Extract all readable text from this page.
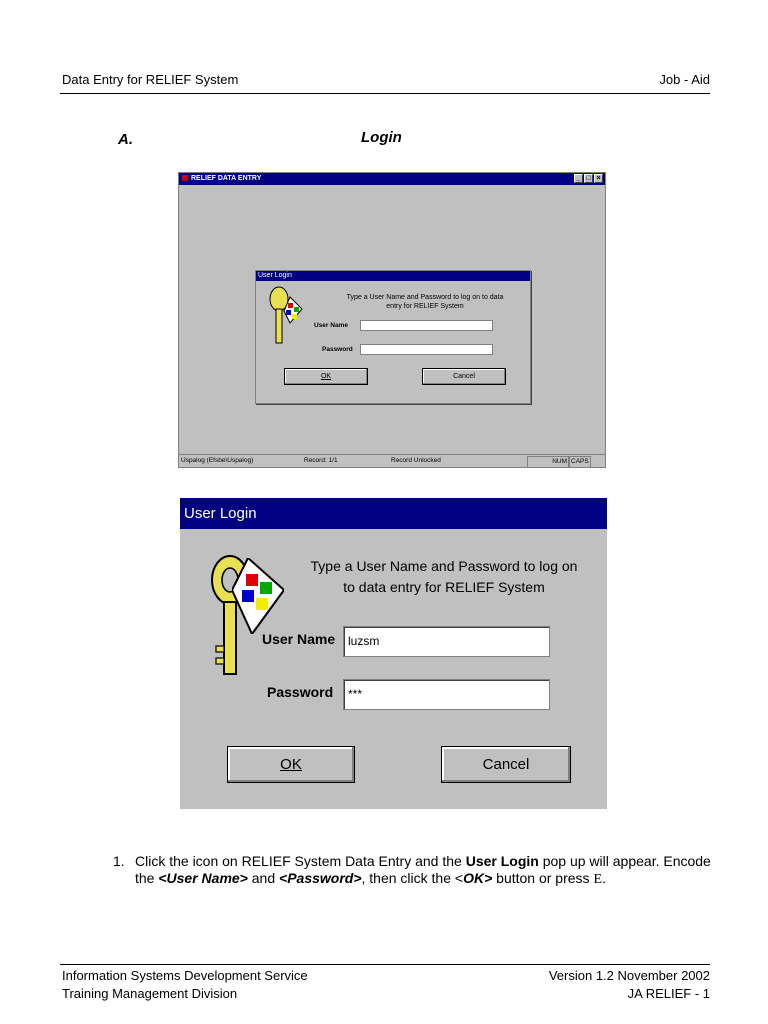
Data Entry for RELIEF System	Job - Aid
A.	Login
RELIEF DATA ENTRY	_ □ ×
User Login
Type a User Name and Password to log on to data entry for RELIEF System
User Name
Password
OK	Cancel
Uspalog (Efsbe\Uspalog)	Record: 1/1	Record Unlocked	NUM CAPS
User Login
Type a User Name and Password to log on to data entry for RELIEF System
User Name	luzsm
Password	***
OK	Cancel
1. Click the icon on RELIEF System Data Entry and the User Login pop up will appear. Encode the <User Name> and <Password>, then click the <OK> button or press E.
Information Systems Development Service
Training Management Division
Version 1.2 November 2002
JA RELIEF - 1
